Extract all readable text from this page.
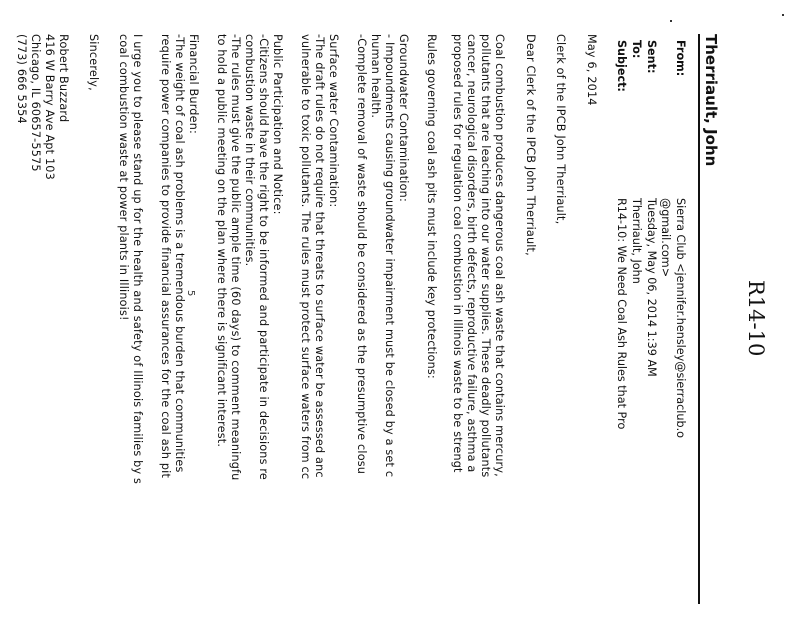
R14-10
Therriault, John
From:
Sierra Club <jennifer.hensley@sierraclub.o
@gmail.com>
Sent:
Tuesday, May 06, 2014 1:39 AM
To:
Therriault, John
Subject:
R14-10: We Need Coal Ash Rules that Pro
May 6, 2014
Clerk of the IPCB John Therriault,
Dear Clerk of the IPCB John Therriault,
Coal combustion produces dangerous coal ash waste that contains mercury,
pollutants that are leaching into our water supplies. These deadly pollutants
cancer, neurological disorders, birth defects, reproductive failure, asthma a
proposed rules for regulation coal combustion in Illinois waste to be strengt
Rules governing coal ash pits must include key protections:
Groundwater Contamination:
- Impoundments causing groundwater impairment must be closed by a set c
human health.
-Complete removal of waste should be considered as the presumptive closu
Surface water Contamination:
-The draft rules do not require that threats to surface water be assessed anc
vulnerable to toxic pollutants. The rules must protect surface waters from cc
Public Participation and Notice:
-Citizens should have the right to be informed and participate in decisions re
combustion waste in their communities.
-The rules must give the public ample time (60 days) to comment meaningfu
to hold a public meeting on the plan where there is significant interest.
Financial Burden:
-The weight of coal ash problems is a tremendous burden that communities
require power companies to provide financial assurances for the coal ash pit
I urge you to please stand up for the health and safety of Illinois families by s
coal combustion waste at power plants in Illinois!
Sincerely,
Robert Buzzard
416 W Barry Ave Apt 103
Chicago, IL 60657-5575
(773) 666 5354
5
